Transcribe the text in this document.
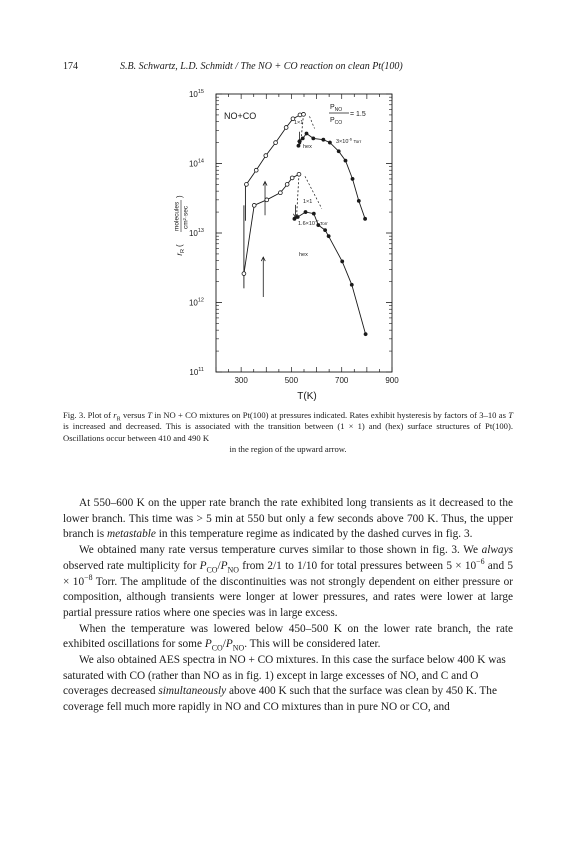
174	S.B. Schwartz, L.D. Schmidt / The NO + CO reaction on clean Pt(100)
300	500	700	900
$10^{11}$
$10^{12}$
$10^{13}$
$10^{14}$
$10^{15}$
NO+CO
$P_{NO}$
$P_{CO}$
= 1.5
1×1
hex
$3\times 10^{-6}$ $_{Torr}$
1×1
$1.6\times 10^{-7}$ $_{Torr}$
hex
T(K)
$r_R$(
molecules cm²·sec
)
Fig. 3. Plot of $r_R$ versus T in NO + CO mixtures on Pt(100) at pressures indicated. Rates exhibit hysteresis by factors of 3–10 as T is increased and decreased. This is associated with the transition between (1 × 1) and (hex) surface structures of Pt(100). Oscillations occur between 410 and 490 K
in the region of the upward arrow.

At 550–600 K on the upper rate branch the rate exhibited long transients as it decreased to the lower branch. This time was > 5 min at 550 but only a few seconds above 700 K. Thus, the upper branch is metastable in this temperature regime as indicated by the dashed curves in fig. 3.

We obtained many rate versus temperature curves similar to those shown in fig. 3. We always observed rate multiplicity for $P_{CO}/P_{NO}$ from 2/1 to 1/10 for total pressures between $5 \times 10^{-6}$ and $5 \times 10^{-8}$ Torr. The amplitude of the discontinuities was not strongly dependent on either pressure or composition, although transients were longer at lower pressures, and rates were lower at large partial pressure ratios where one species was in large excess.

When the temperature was lowered below 450–500 K on the lower rate branch, the rate exhibited oscillations for some $P_{CO}/P_{NO}$. This will be considered later.

We also obtained AES spectra in NO + CO mixtures. In this case the surface below 400 K was saturated with CO (rather than NO as in fig. 1) except in large excesses of NO, and C and O coverages decreased simultaneously above 400 K such that the surface was clean by 450 K. The coverage fell much more rapidly in NO and CO mixtures than in pure NO or CO, and
